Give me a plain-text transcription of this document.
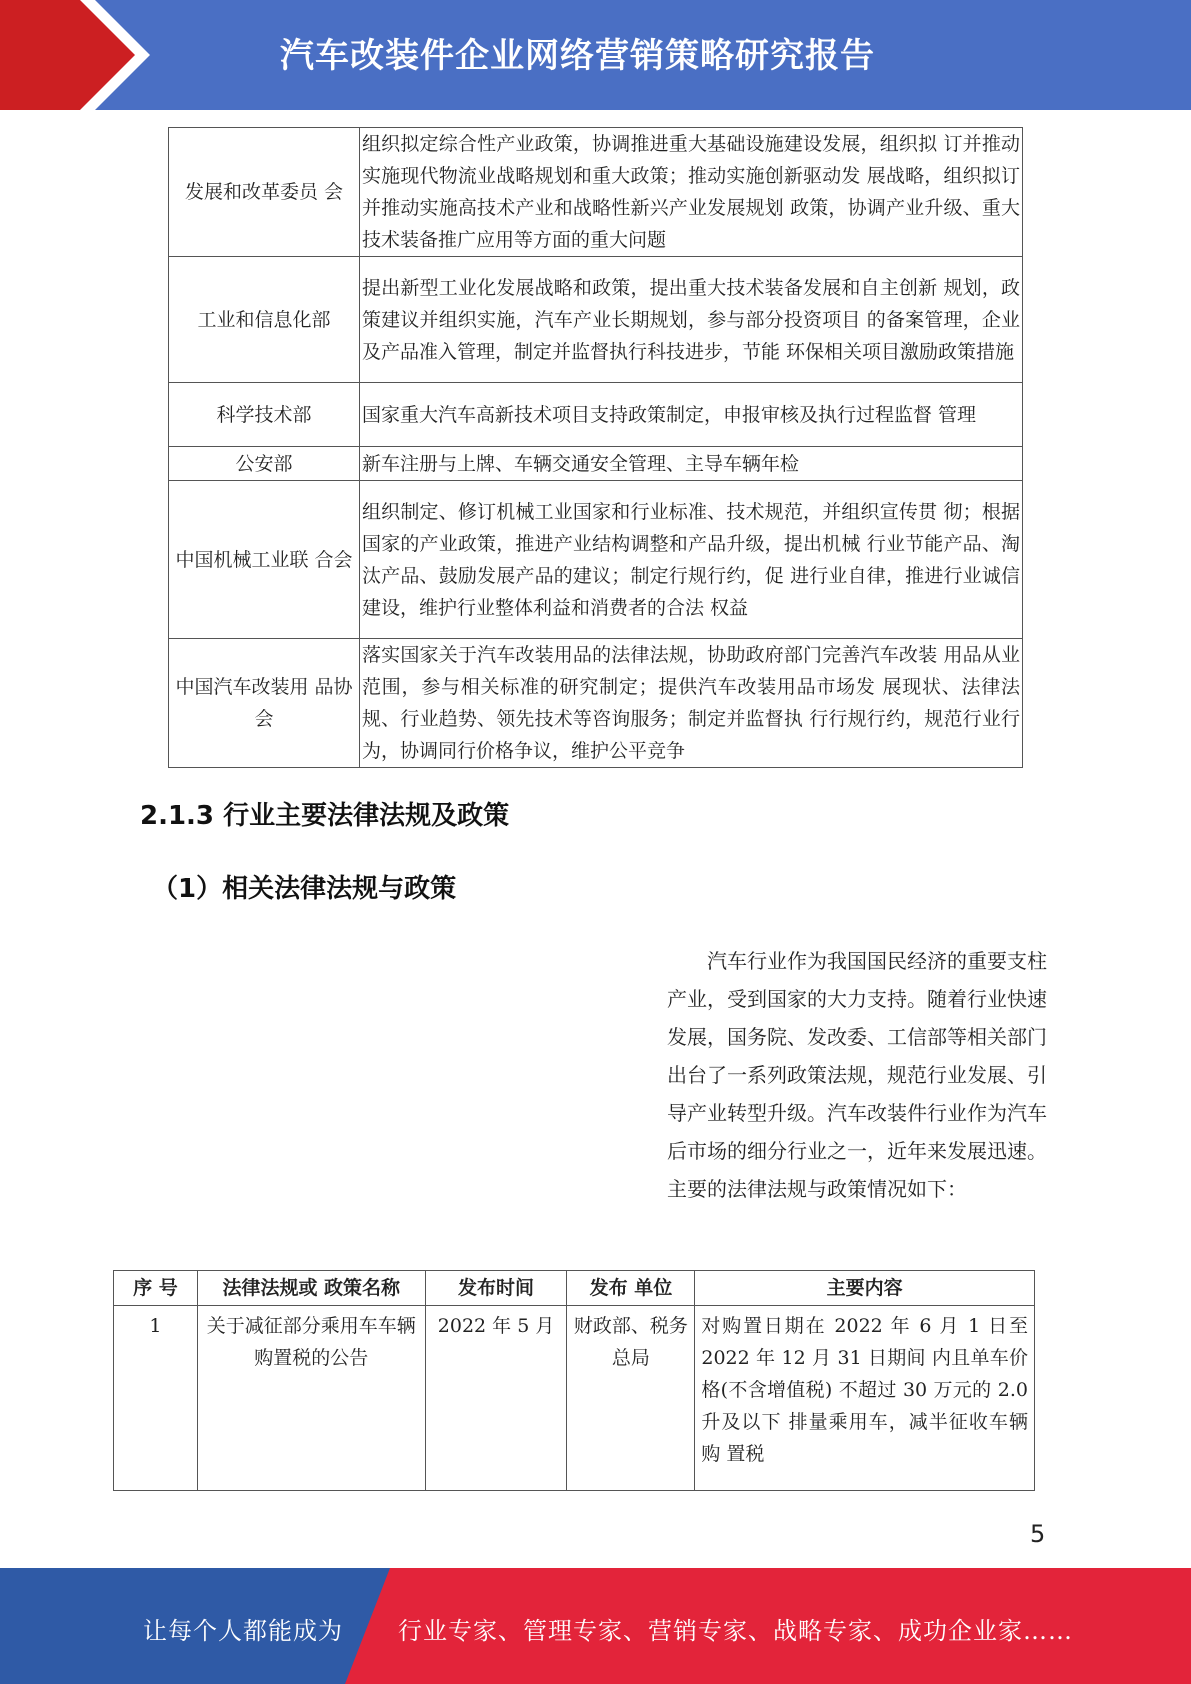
汽车改装件企业网络营销策略研究报告
发展和改革委员 会	组织拟定综合性产业政策，协调推进重大基础设施建设发展，组织拟 订并推动实施现代物流业战略规划和重大政策；推动实施创新驱动发 展战略，组织拟订并推动实施高技术产业和战略性新兴产业发展规划 政策，协调产业升级、重大技术装备推广应用等方面的重大问题
工业和信息化部	提出新型工业化发展战略和政策，提出重大技术装备发展和自主创新 规划，政策建议并组织实施，汽车产业长期规划，参与部分投资项目 的备案管理，企业及产品准入管理，制定并监督执行科技进步，节能 环保相关项目激励政策措施
科学技术部	国家重大汽车高新技术项目支持政策制定，申报审核及执行过程监督 管理
公安部	新车注册与上牌、车辆交通安全管理、主导车辆年检
中国机械工业联 合会	组织制定、修订机械工业国家和行业标准、技术规范，并组织宣传贯 彻；根据国家的产业政策，推进产业结构调整和产品升级，提出机械 行业节能产品、淘汰产品、鼓励发展产品的建议；制定行规行约，促 进行业自律，推进行业诚信建设，维护行业整体利益和消费者的合法 权益
中国汽车改装用 品协会	落实国家关于汽车改装用品的法律法规，协助政府部门完善汽车改装 用品从业范围，参与相关标准的研究制定；提供汽车改装用品市场发 展现状、法律法规、行业趋势、领先技术等咨询服务；制定并监督执 行行规行约，规范行业行为，协调同行价格争议，维护公平竞争
2.1.3 行业主要法律法规及政策
（1）相关法律法规与政策
汽车行业作为我国国民经济的重要支柱产业，受到国家的大力支持。随着行业快速发展，国务院、发改委、工信部等相关部门出台了一系列政策法规，规范行业发展、引导产业转型升级。汽车改装件行业作为汽车后市场的细分行业之一，近年来发展迅速。主要的法律法规与政策情况如下：
序 号	法律法规或 政策名称	发布时间	发布 单位	主要内容
1	关于减征部分乘用车车辆购置税的公告	2022 年 5 月	财政部、税务总局	对购置日期在 2022 年 6 月 1 日至 2022 年 12 月 31 日期间 内且单车价格(不含增值税) 不超过 30 万元的 2.0 升及以下 排量乘用车，减半征收车辆购 置税
5
让每个人都能成为 行业专家、管理专家、营销专家、战略专家、成功企业家……
